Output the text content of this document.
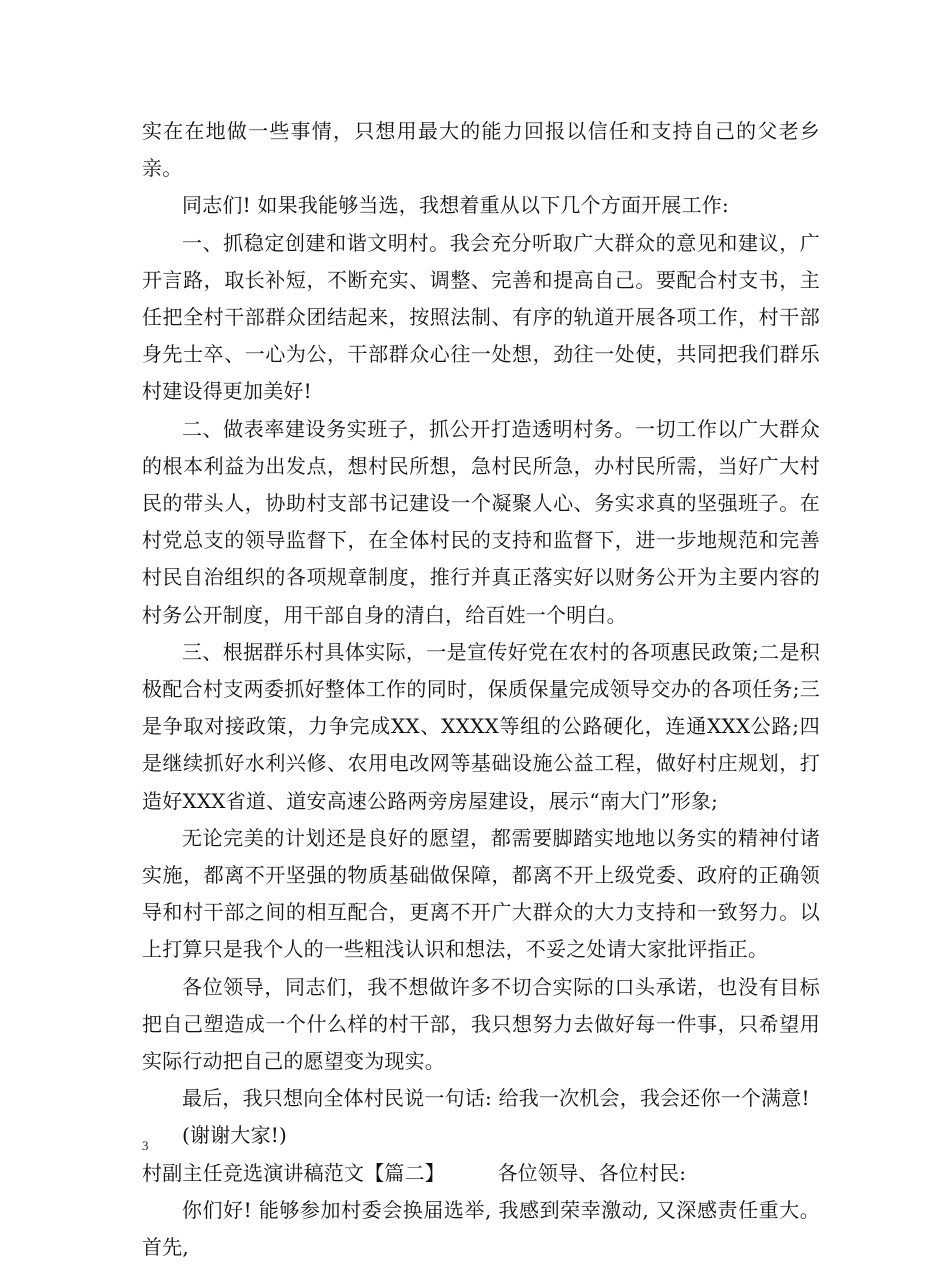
实在在地做一些事情，只想用最大的能力回报以信任和支持自己的父老乡亲。

同志们! 如果我能够当选，我想着重从以下几个方面开展工作:

一、抓稳定创建和谐文明村。我会充分听取广大群众的意见和建议，广开言路，取长补短，不断充实、调整、完善和提高自己。要配合村支书，主任把全村干部群众团结起来，按照法制、有序的轨道开展各项工作，村干部身先士卒、一心为公，干部群众心往一处想，劲往一处使，共同把我们群乐村建设得更加美好!

二、做表率建设务实班子，抓公开打造透明村务。一切工作以广大群众的根本利益为出发点，想村民所想，急村民所急，办村民所需，当好广大村民的带头人，协助村支部书记建设一个凝聚人心、务实求真的坚强班子。在村党总支的领导监督下，在全体村民的支持和监督下，进一步地规范和完善村民自治组织的各项规章制度，推行并真正落实好以财务公开为主要内容的村务公开制度，用干部自身的清白，给百姓一个明白。

三、根据群乐村具体实际，一是宣传好党在农村的各项惠民政策;二是积极配合村支两委抓好整体工作的同时，保质保量完成领导交办的各项任务;三是争取对接政策，力争完成XX、XXXX等组的公路硬化，连通XXX公路;四是继续抓好水利兴修、农用电改网等基础设施公益工程，做好村庄规划，打造好XXX省道、道安高速公路两旁房屋建设，展示“南大门”形象;

无论完美的计划还是良好的愿望，都需要脚踏实地地以务实的精神付诸实施，都离不开坚强的物质基础做保障，都离不开上级党委、政府的正确领导和村干部之间的相互配合，更离不开广大群众的大力支持和一致努力。以上打算只是我个人的一些粗浅认识和想法，不妥之处请大家批评指正。

各位领导，同志们，我不想做许多不切合实际的口头承诺，也没有目标把自己塑造成一个什么样的村干部，我只想努力去做好每一件事，只希望用实际行动把自己的愿望变为现实。

最后，我只想向全体村民说一句话: 给我一次机会，我会还你一个满意!

(谢谢大家!)

村副主任竞选演讲稿范文【篇二】	各位领导、各位村民:

你们好! 能够参加村委会换届选举, 我感到荣幸激动, 又深感责任重大。首先,

3
